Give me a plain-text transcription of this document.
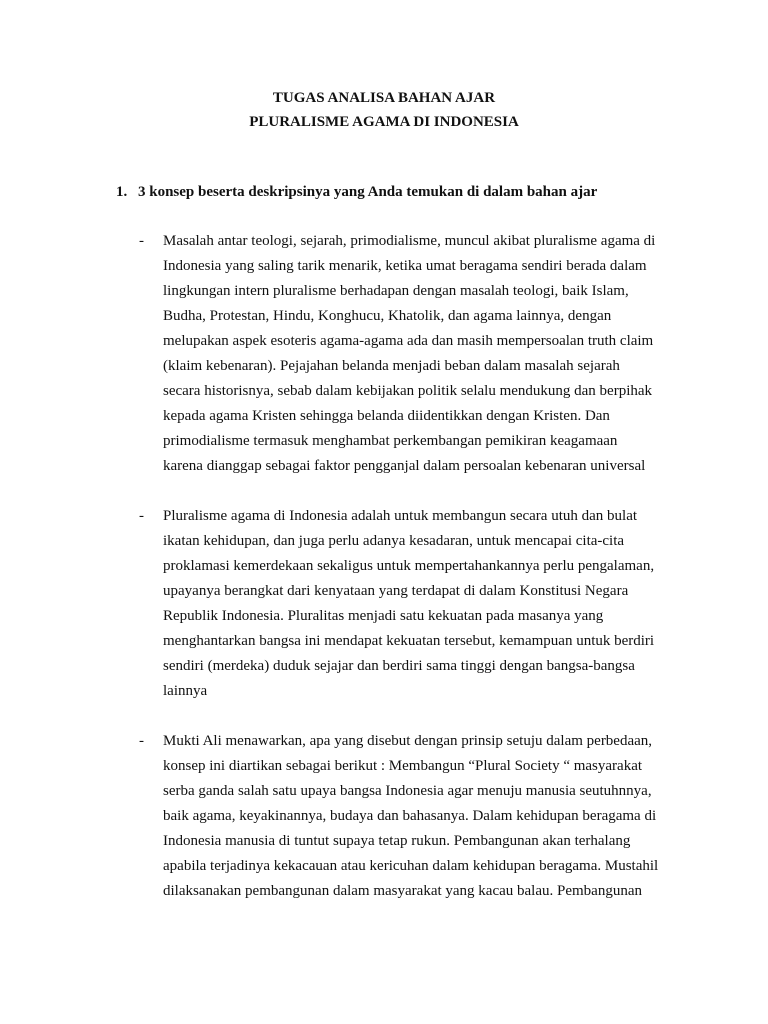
TUGAS ANALISA BAHAN AJAR
PLURALISME AGAMA DI INDONESIA
1. 3 konsep beserta deskripsinya yang Anda temukan di dalam bahan ajar
- Masalah antar teologi, sejarah, primodialisme, muncul akibat pluralisme agama di
Indonesia yang saling tarik menarik, ketika umat beragama sendiri berada dalam
lingkungan intern pluralisme berhadapan dengan masalah teologi, baik Islam,
Budha, Protestan, Hindu, Konghucu, Khatolik, dan agama lainnya, dengan
melupakan aspek esoteris agama-agama ada dan masih mempersoalan truth claim
(klaim kebenaran). Pejajahan belanda menjadi beban dalam masalah sejarah
secara historisnya, sebab dalam kebijakan politik selalu mendukung dan berpihak
kepada agama Kristen sehingga belanda diidentikkan dengan Kristen. Dan
primodialisme termasuk menghambat perkembangan pemikiran keagamaan
karena dianggap sebagai faktor pengganjal dalam persoalan kebenaran universal
- Pluralisme agama di Indonesia adalah untuk membangun secara utuh dan bulat
ikatan kehidupan, dan juga perlu adanya kesadaran, untuk mencapai cita-cita
proklamasi kemerdekaan sekaligus untuk mempertahankannya perlu pengalaman,
upayanya berangkat dari kenyataan yang terdapat di dalam Konstitusi Negara
Republik Indonesia. Pluralitas menjadi satu kekuatan pada masanya yang
menghantarkan bangsa ini mendapat kekuatan tersebut, kemampuan untuk berdiri
sendiri (merdeka) duduk sejajar dan berdiri sama tinggi dengan bangsa-bangsa
lainnya
- Mukti Ali menawarkan, apa yang disebut dengan prinsip setuju dalam perbedaan,
konsep ini diartikan sebagai berikut : Membangun “Plural Society “ masyarakat
serba ganda salah satu upaya bangsa Indonesia agar menuju manusia seutuhnnya,
baik agama, keyakinannya, budaya dan bahasanya. Dalam kehidupan beragama di
Indonesia manusia di tuntut supaya tetap rukun. Pembangunan akan terhalang
apabila terjadinya kekacauan atau kericuhan dalam kehidupan beragama. Mustahil
dilaksanakan pembangunan dalam masyarakat yang kacau balau. Pembangunan
